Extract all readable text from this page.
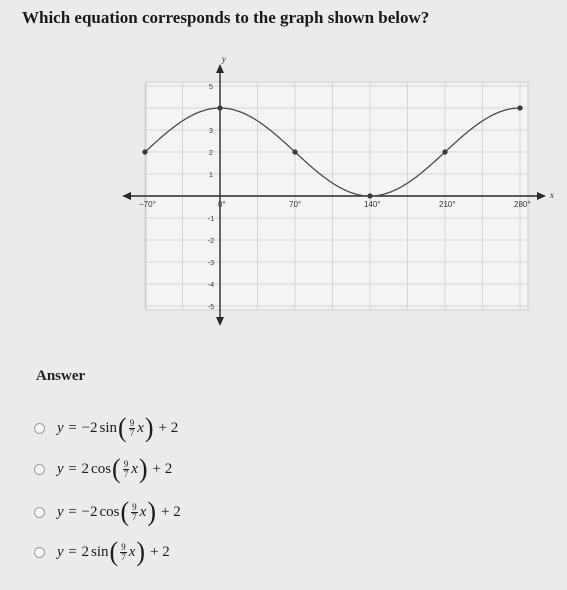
Which equation corresponds to the graph shown below?
x
y
−70°	0°	70°	140°	210°	280°
5
3
2
1
-1
-2
-3
-4
-5
Answer
y = −2 sin ( $\frac{9}{7}$ x ) + 2
y = 2 cos ( $\frac{9}{7}$ x ) + 2
y = −2 cos ( $\frac{9}{7}$ x ) + 2
y = 2 sin ( $\frac{9}{7}$ x ) + 2
